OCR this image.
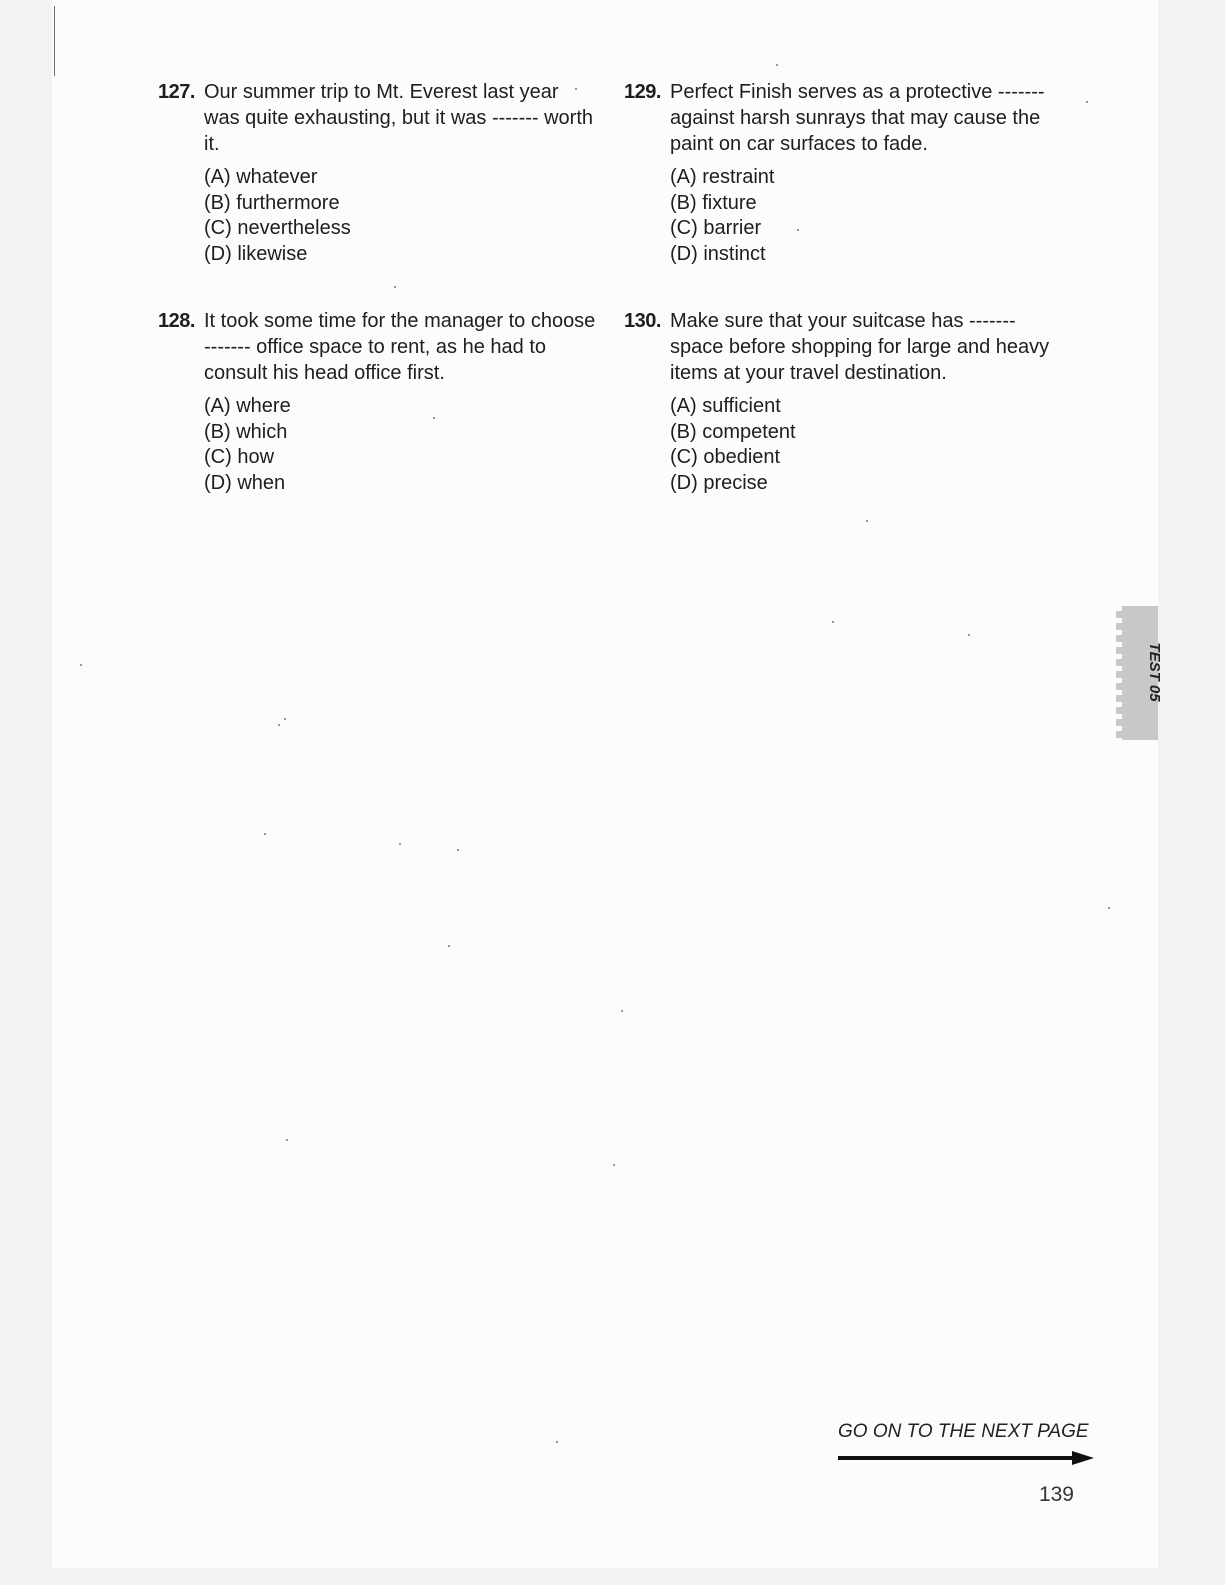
127. Our summer trip to Mt. Everest last year was quite exhausting, but it was ------- worth it.
(A) whatever
(B) furthermore
(C) nevertheless
(D) likewise
128. It took some time for the manager to choose ------- office space to rent, as he had to consult his head office first.
(A) where
(B) which
(C) how
(D) when
129. Perfect Finish serves as a protective ------- against harsh sunrays that may cause the paint on car surfaces to fade.
(A) restraint
(B) fixture
(C) barrier
(D) instinct
130. Make sure that your suitcase has ------- space before shopping for large and heavy items at your travel destination.
(A) sufficient
(B) competent
(C) obedient
(D) precise
TEST 05
GO ON TO THE NEXT PAGE
139
